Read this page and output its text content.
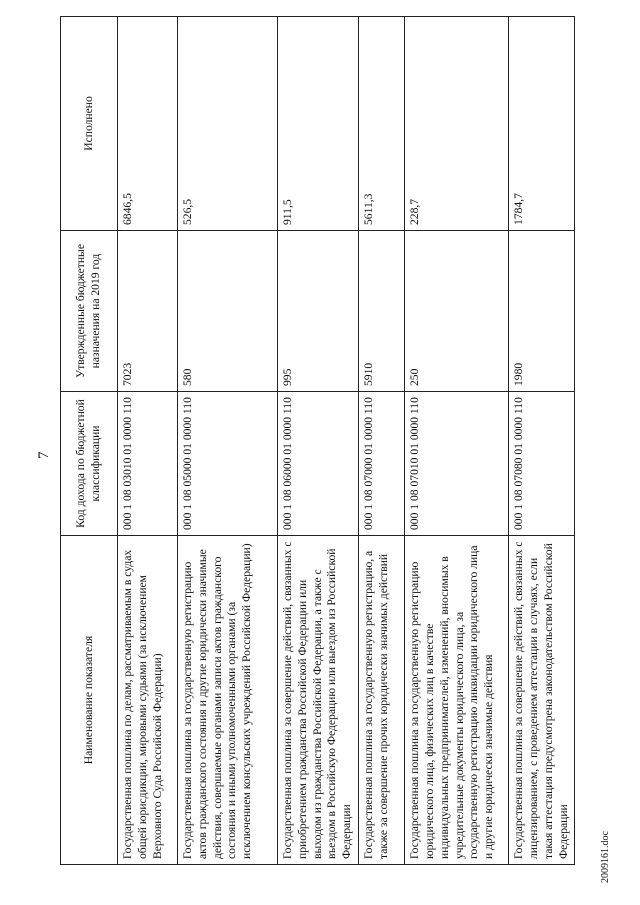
7
Наименование показателя	Код дохода по бюджетной классификации	Утвержденные бюджетные назначения на 2019 год	Исполнено
Государственная пошлина по делам, рассматриваемым в судах общей юрисдикции, мировыми судьями (за исключением Верховного Суда Российской Федерации)	000 1 08 03010 01 0000 110	7023	6846,5
Государственная пошлина за государственную регистрацию актов гражданского состояния и другие юридически значимые действия, совершаемые органами записи актов гражданского состояния и иными уполномоченными органами (за исключением консульских учреждений Российской Федерации)	000 1 08 05000 01 0000 110	580	526,5
Государственная пошлина за совершение действий, связанных с приобретением гражданства Российской Федерации или выходом из гражданства Российской Федерации, а также с въездом в Российскую Федерацию или выездом из Российской Федерации	000 1 08 06000 01 0000 110	995	911,5
Государственная пошлина за государственную регистрацию, а также за совершение прочих юридически значимых действий	000 1 08 07000 01 0000 110	5910	5611,3
Государственная пошлина за государственную регистрацию юридического лица, физических лиц в качестве индивидуальных предпринимателей, изменений, вносимых в учредительные документы юридического лица, за государственную регистрацию ликвидации юридического лица и другие юридически значимые действия	000 1 08 07010 01 0000 110	250	228,7
Государственная пошлина за совершение действий, связанных с лицензированием, с проведением аттестации в случаях, если такая аттестация предусмотрена законодательством Российской Федерации	000 1 08 07080 01 0000 110	1980	1784,7
2009161.doc
